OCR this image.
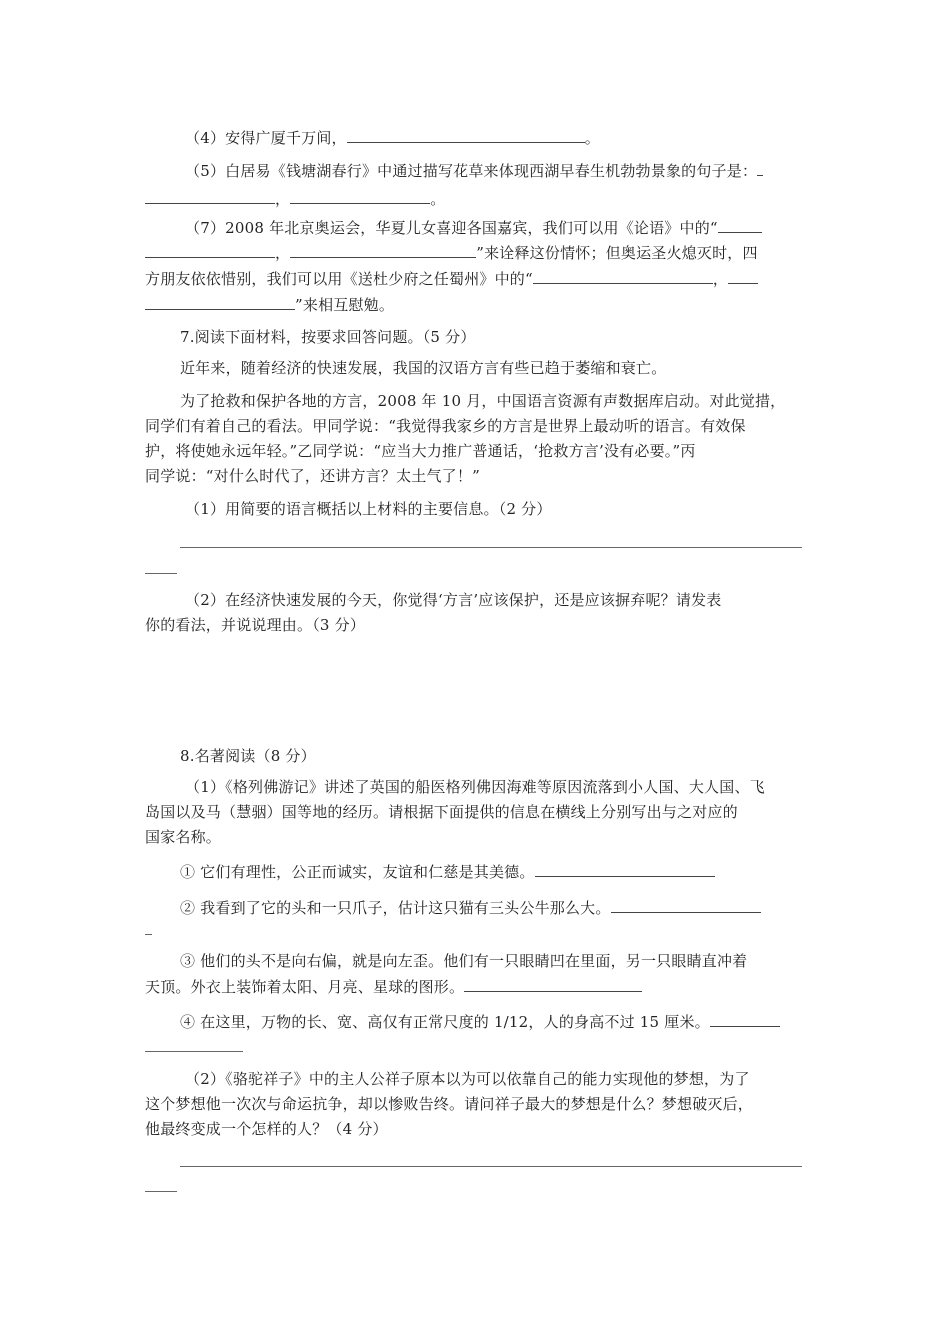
（4）安得广厦千万间，	。
（5）白居易《钱塘湖春行》中通过描写花草来体现西湖早春生机勃勃景象的句子是：
，	。
（7）2008 年北京奥运会，华夏儿女喜迎各国嘉宾，我们可以用《论语》中的“
，	”来诠释这份情怀；但奥运圣火熄灭时，四
方朋友依依惜别，我们可以用《送杜少府之任蜀州》中的“	，
”来相互慰勉。
7.阅读下面材料，按要求回答问题。（5 分）
近年来，随着经济的快速发展，我国的汉语方言有些已趋于萎缩和衰亡。
为了抢救和保护各地的方言，2008 年 10 月，中国语言资源有声数据库启动。对此觉措，
同学们有着自己的看法。甲同学说：“我觉得我家乡的方言是世界上最动听的语言。有效保
护，将使她永远年轻。”乙同学说：“应当大力推广普通话，‘抢救方言’没有必要。”丙
同学说：“对什么时代了，还讲方言？太土气了！”
（1）用简要的语言概括以上材料的主要信息。（2 分）
（2）在经济快速发展的今天，你觉得‘方言’应该保护，还是应该摒弃呢？请发表
你的看法，并说说理由。（3 分）
8.名著阅读（8 分）
（1）《格列佛游记》讲述了英国的船医格列佛因海难等原因流落到小人国、大人国、飞
岛国以及马（慧骃）国等地的经历。请根据下面提供的信息在横线上分别写出与之对应的
国家名称。
① 它们有理性，公正而诚实，友谊和仁慈是其美德。
② 我看到了它的头和一只爪子，估计这只猫有三头公牛那么大。
③ 他们的头不是向右偏，就是向左歪。他们有一只眼睛凹在里面，另一只眼睛直冲着
天顶。外衣上装饰着太阳、月亮、星球的图形。
④ 在这里，万物的长、宽、高仅有正常尺度的 1/12，人的身高不过 15 厘米。
（2）《骆驼祥子》中的主人公祥子原本以为可以依靠自己的能力实现他的梦想，为了
这个梦想他一次次与命运抗争，却以惨败告终。请问祥子最大的梦想是什么？梦想破灭后，
他最终变成一个怎样的人？（4 分）
